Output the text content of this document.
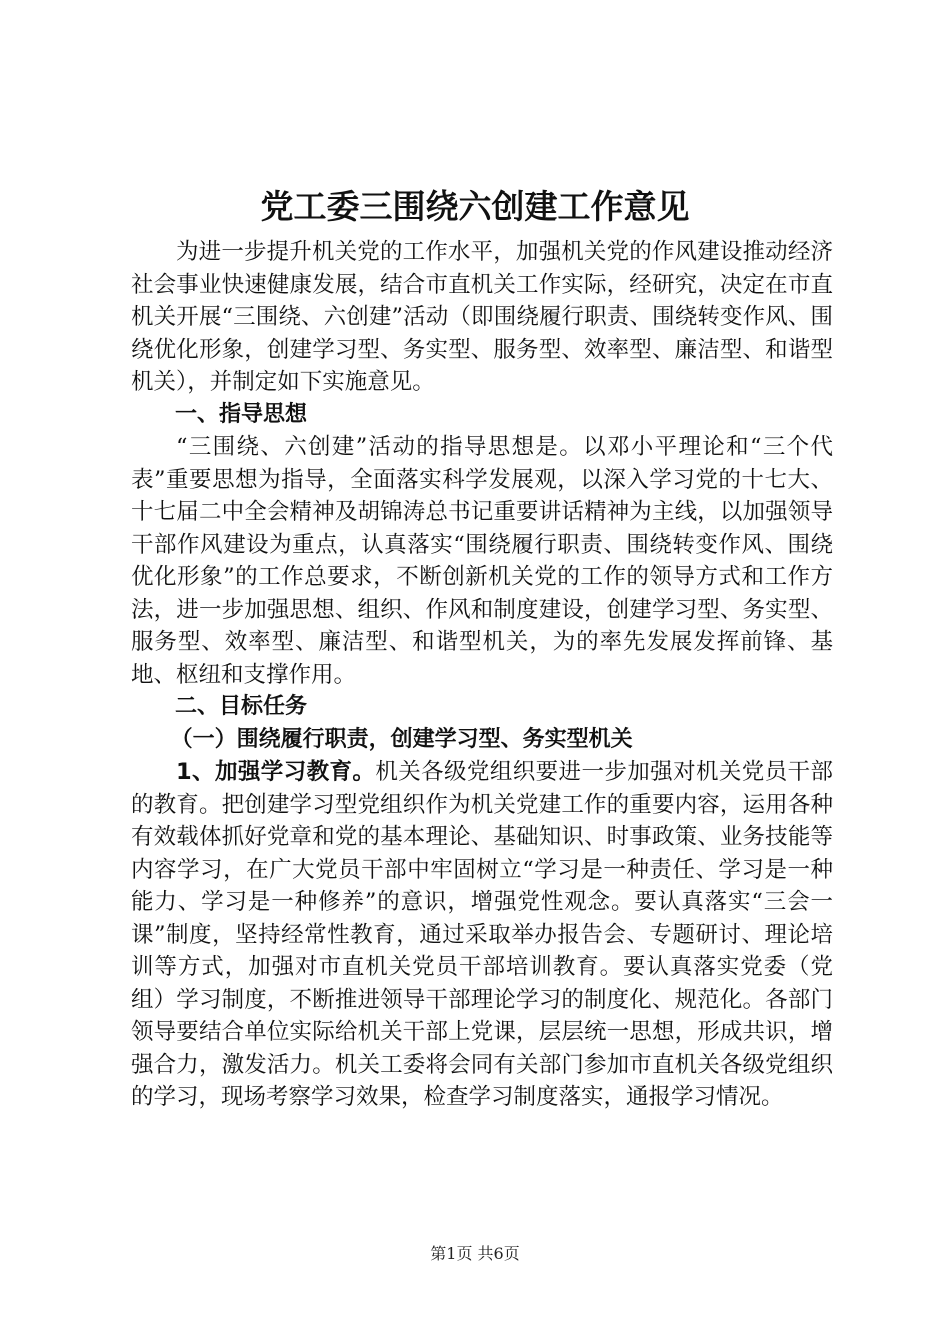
党工委三围绕六创建工作意见

为进一步提升机关党的工作水平，加强机关党的作风建设推动经济社会事业快速健康发展，结合市直机关工作实际，经研究，决定在市直机关开展“三围绕、六创建”活动（即围绕履行职责、围绕转变作风、围绕优化形象，创建学习型、务实型、服务型、效率型、廉洁型、和谐型机关），并制定如下实施意见。

一、指导思想

“三围绕、六创建”活动的指导思想是。以邓小平理论和“三个代表”重要思想为指导，全面落实科学发展观，以深入学习党的十七大、十七届二中全会精神及胡锦涛总书记重要讲话精神为主线，以加强领导干部作风建设为重点，认真落实“围绕履行职责、围绕转变作风、围绕优化形象”的工作总要求，不断创新机关党的工作的领导方式和工作方法，进一步加强思想、组织、作风和制度建设，创建学习型、务实型、服务型、效率型、廉洁型、和谐型机关，为的率先发展发挥前锋、基地、枢纽和支撑作用。

二、目标任务

（一）围绕履行职责，创建学习型、务实型机关

1、加强学习教育。机关各级党组织要进一步加强对机关党员干部的教育。把创建学习型党组织作为机关党建工作的重要内容，运用各种有效载体抓好党章和党的基本理论、基础知识、时事政策、业务技能等内容学习，在广大党员干部中牢固树立“学习是一种责任、学习是一种能力、学习是一种修养”的意识，增强党性观念。要认真落实“三会一课”制度，坚持经常性教育，通过采取举办报告会、专题研讨、理论培训等方式，加强对市直机关党员干部培训教育。要认真落实党委（党组）学习制度，不断推进领导干部理论学习的制度化、规范化。各部门领导要结合单位实际给机关干部上党课，层层统一思想，形成共识，增强合力，激发活力。机关工委将会同有关部门参加市直机关各级党组织的学习，现场考察学习效果，检查学习制度落实，通报学习情况。

第1页 共6页
